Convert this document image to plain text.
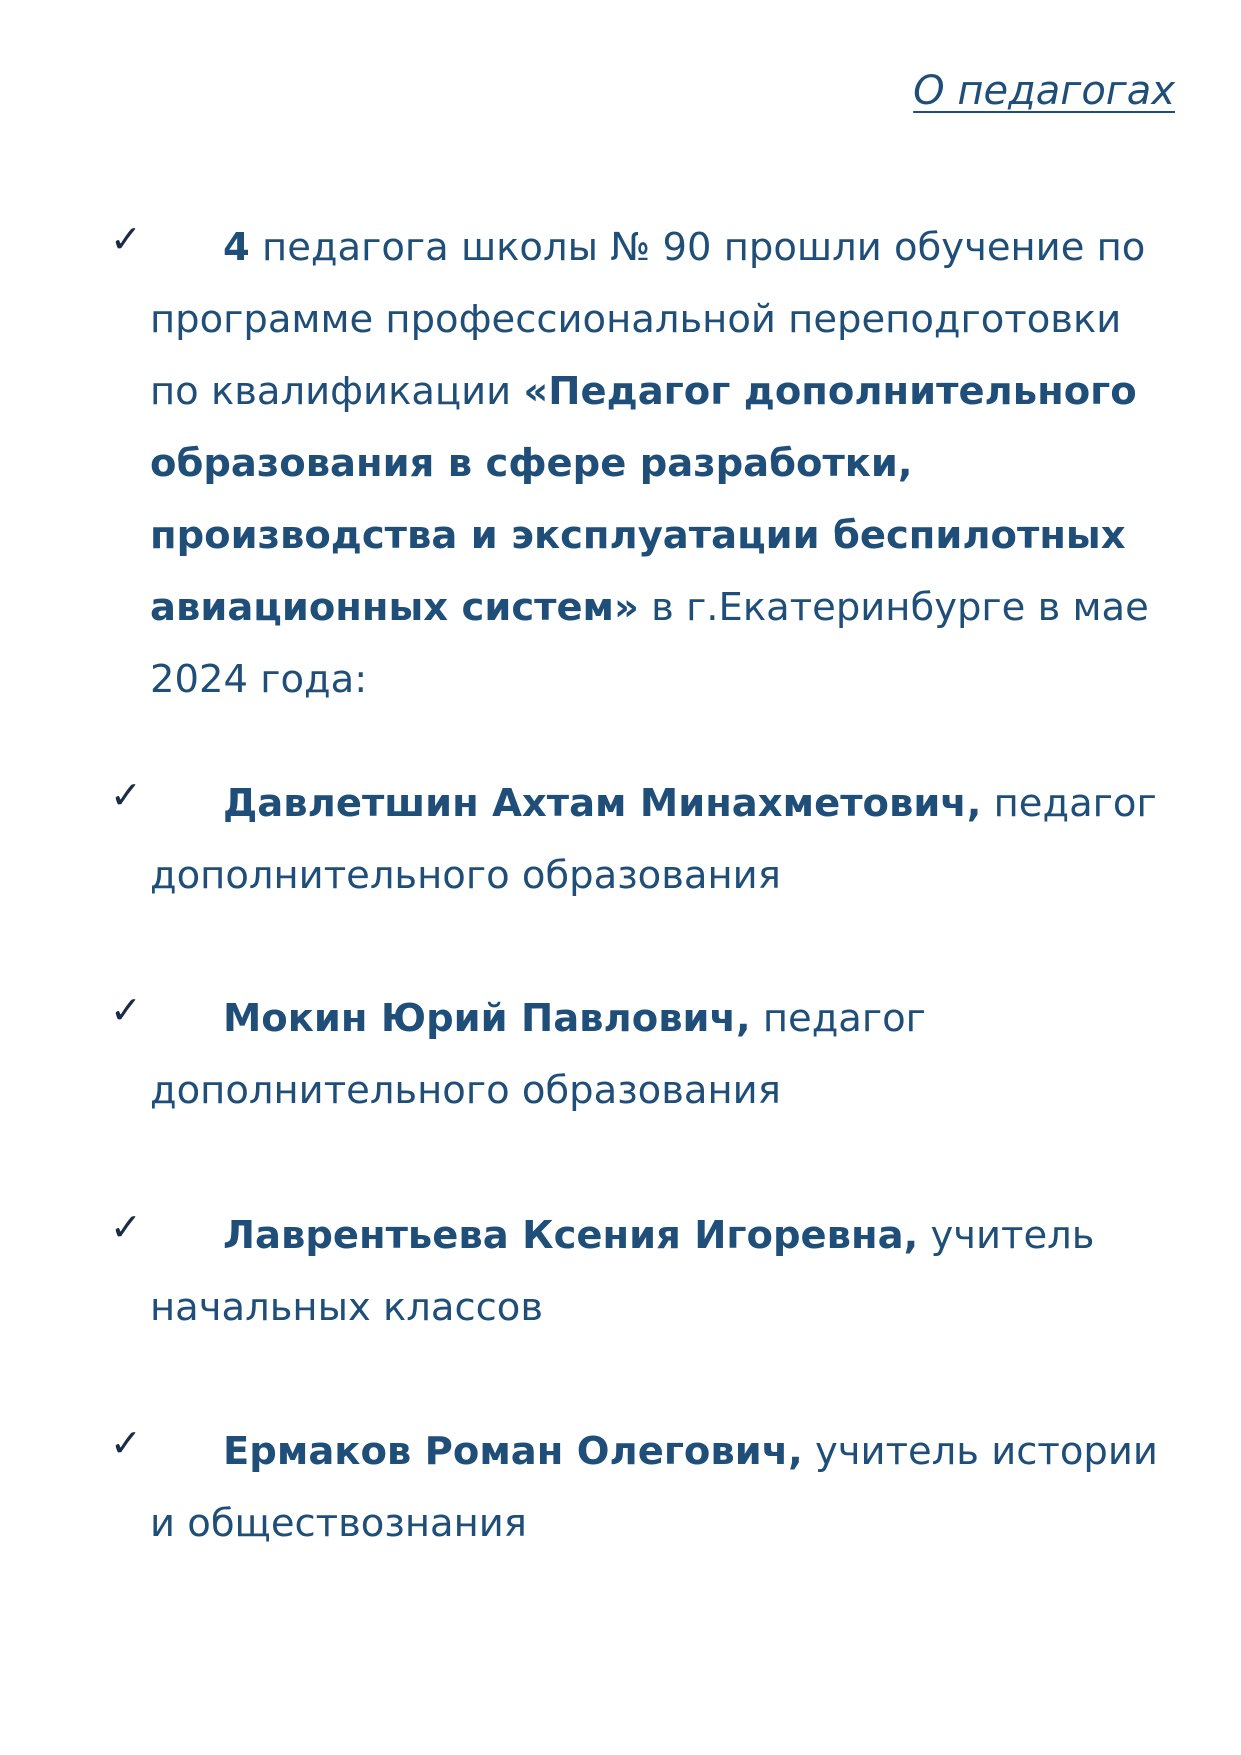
О педагогах
✓	4 педагога школы № 90 прошли обучение по программе профессиональной переподготовки по квалификации «Педагог дополнительного образования в сфере разработки, производства и эксплуатации беспилотных авиационных систем» в г.Екатеринбурге в мае 2024 года:
✓	Давлетшин Ахтам Минахметович, педагог дополнительного образования
✓	Мокин Юрий Павлович, педагог дополнительного образования
✓	Лаврентьева Ксения Игоревна, учитель начальных классов
✓	Ермаков Роман Олегович, учитель истории и обществознания
